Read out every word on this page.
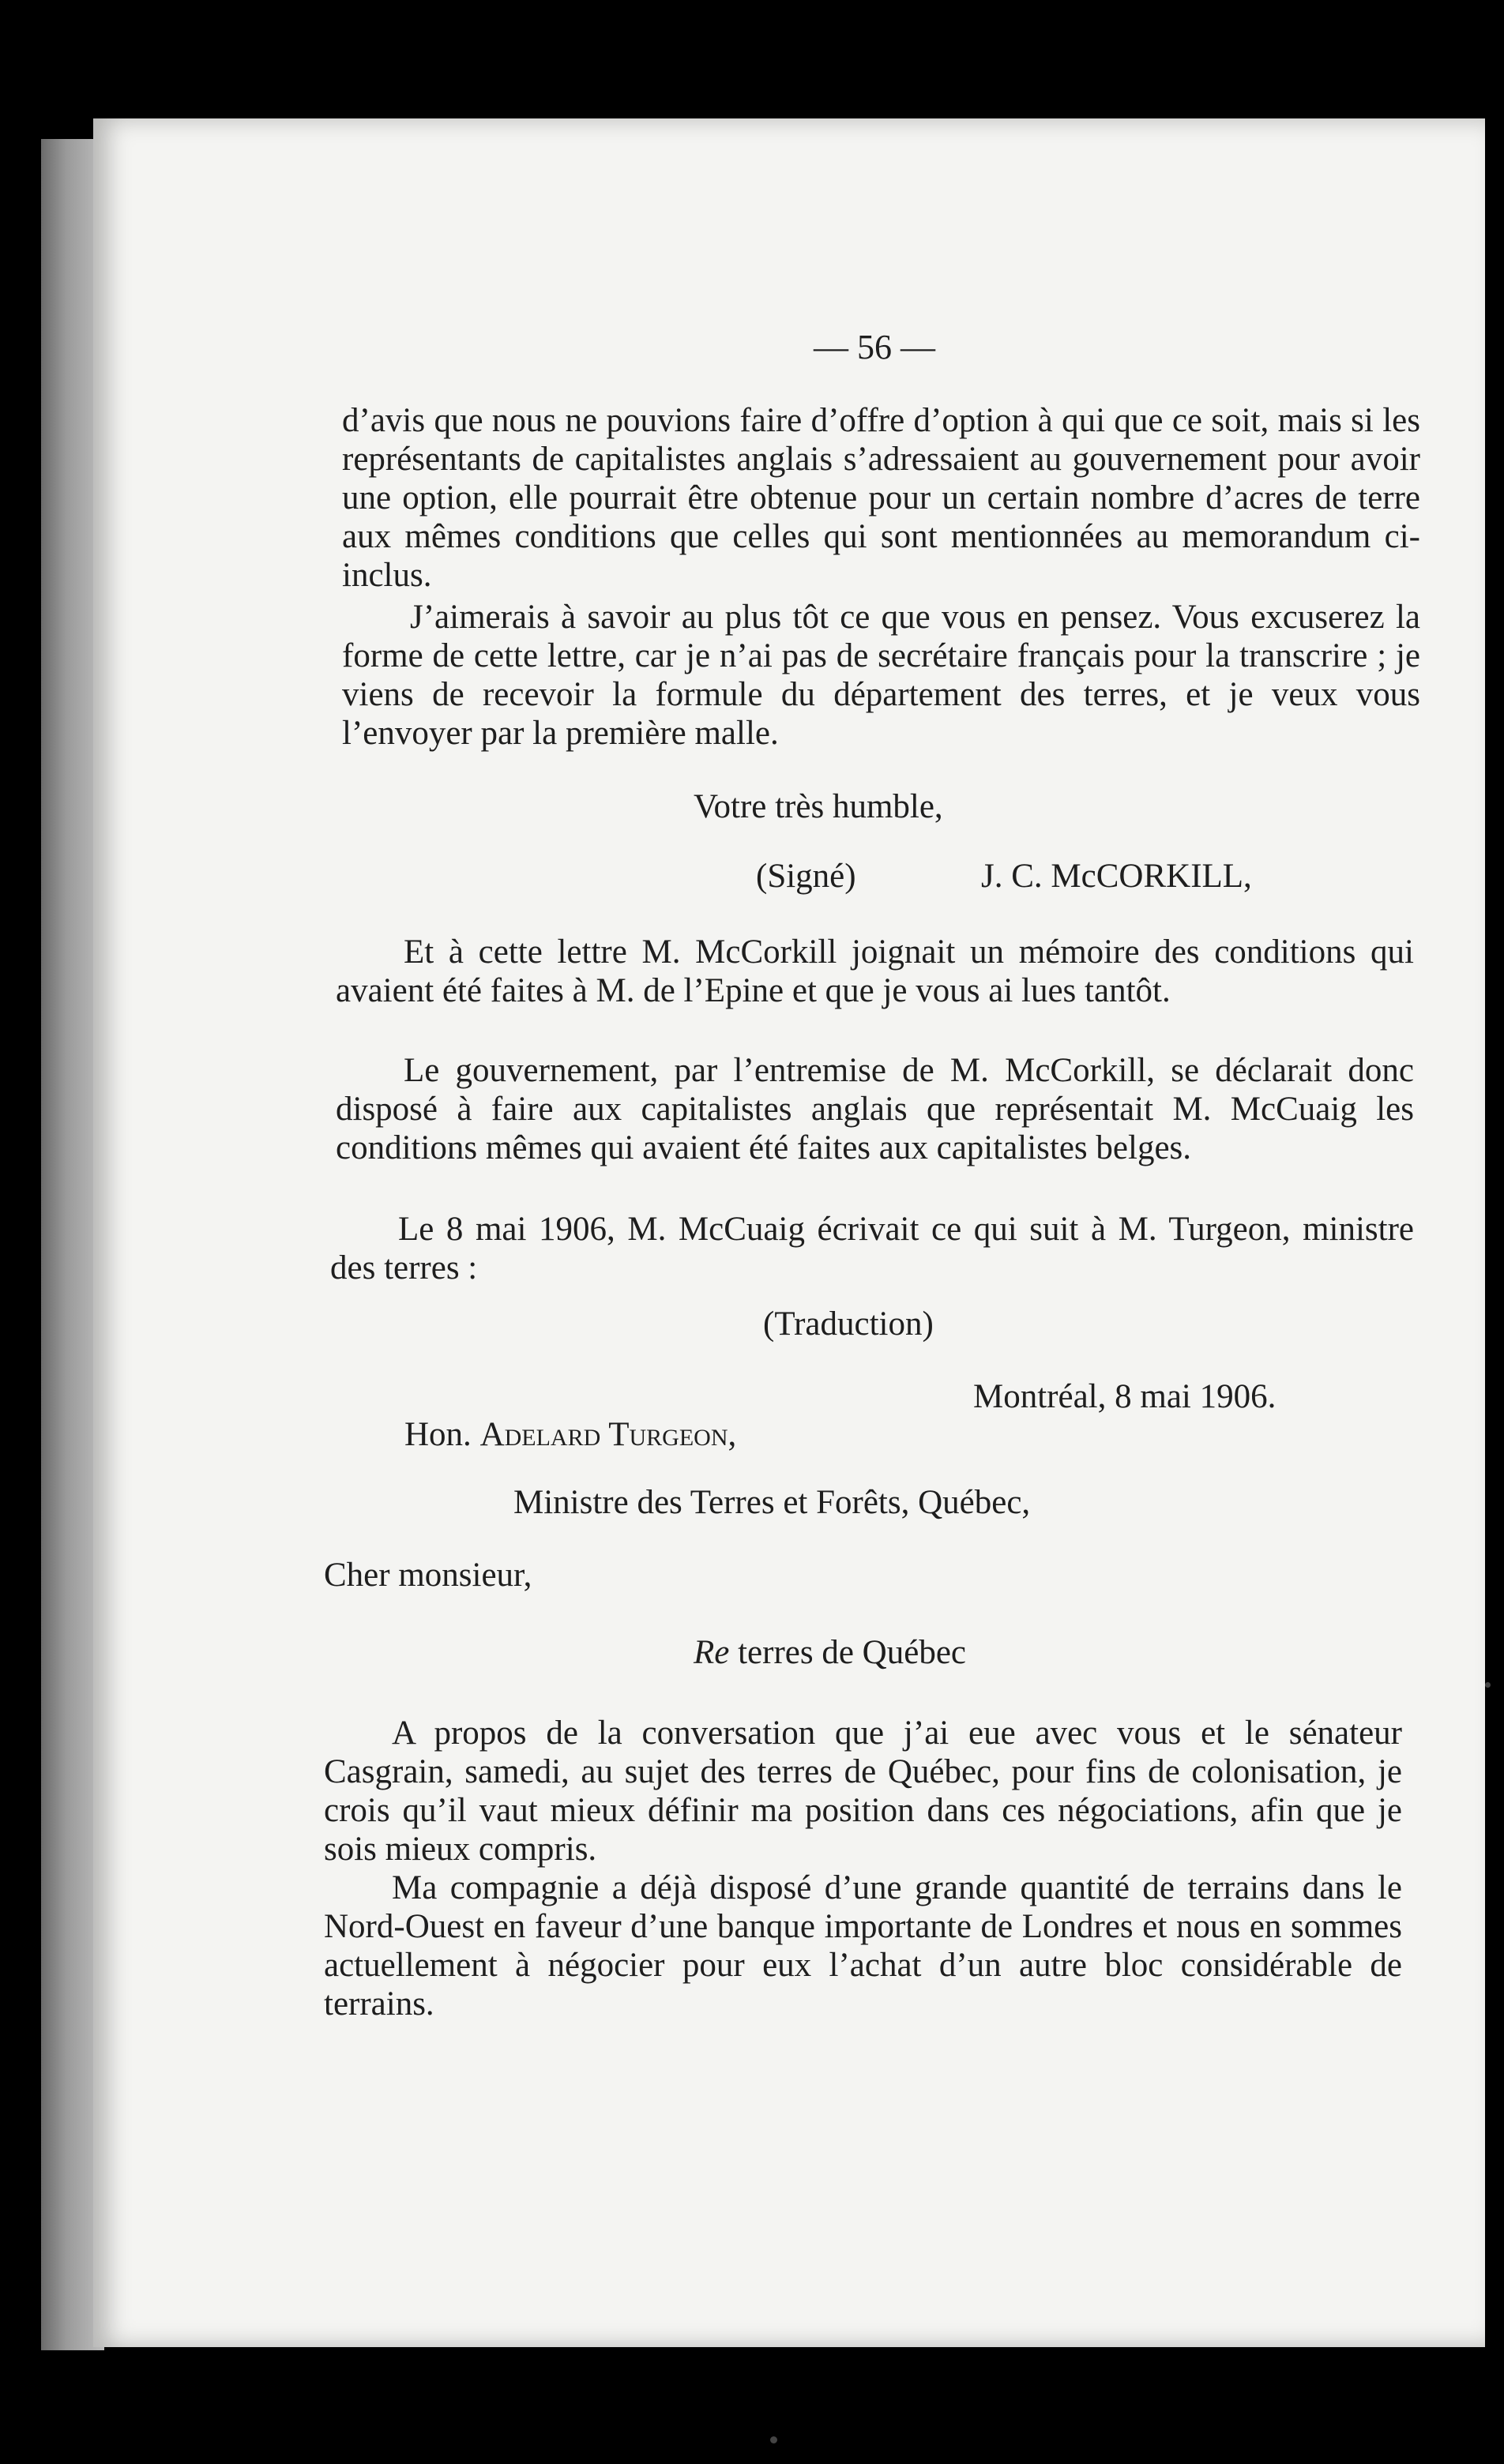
— 56 —
d’avis que nous ne pouvions faire d’offre d’option à qui que ce soit, mais si les représentants de capitalistes anglais s’adressaient au gouvernement pour avoir une option, elle pourrait être obtenue pour un certain nombre d’acres de terre aux mêmes conditions que celles qui sont mentionnées au memorandum ci-inclus.
J’aimerais à savoir au plus tôt ce que vous en pensez. Vous excuserez la forme de cette lettre, car je n’ai pas de secrétaire français pour la transcrire ; je viens de recevoir la formule du département des terres, et je veux vous l’envoyer par la première malle.
Votre très humble,
(Signé)	J. C. McCORKILL,
Et à cette lettre M. McCorkill joignait un mémoire des conditions qui avaient été faites à M. de l’Epine et que je vous ai lues tantôt.
Le gouvernement, par l’entremise de M. McCorkill, se déclarait donc disposé à faire aux capitalistes anglais que représentait M. McCuaig les conditions mêmes qui avaient été faites aux capitalistes belges.
Le 8 mai 1906, M. McCuaig écrivait ce qui suit à M. Turgeon, ministre des terres :
(Traduction)
Montréal, 8 mai 1906.
Hon. Adelard Turgeon,
Ministre des Terres et Forêts, Québec,
Cher monsieur,
Re terres de Québec
A propos de la conversation que j’ai eue avec vous et le sénateur Casgrain, samedi, au sujet des terres de Québec, pour fins de colonisation, je crois qu’il vaut mieux définir ma position dans ces négociations, afin que je sois mieux compris.
Ma compagnie a déjà disposé d’une grande quantité de terrains dans le Nord-Ouest en faveur d’une banque importante de Londres et nous en sommes actuellement à négocier pour eux l’achat d’un autre bloc considérable de terrains.
